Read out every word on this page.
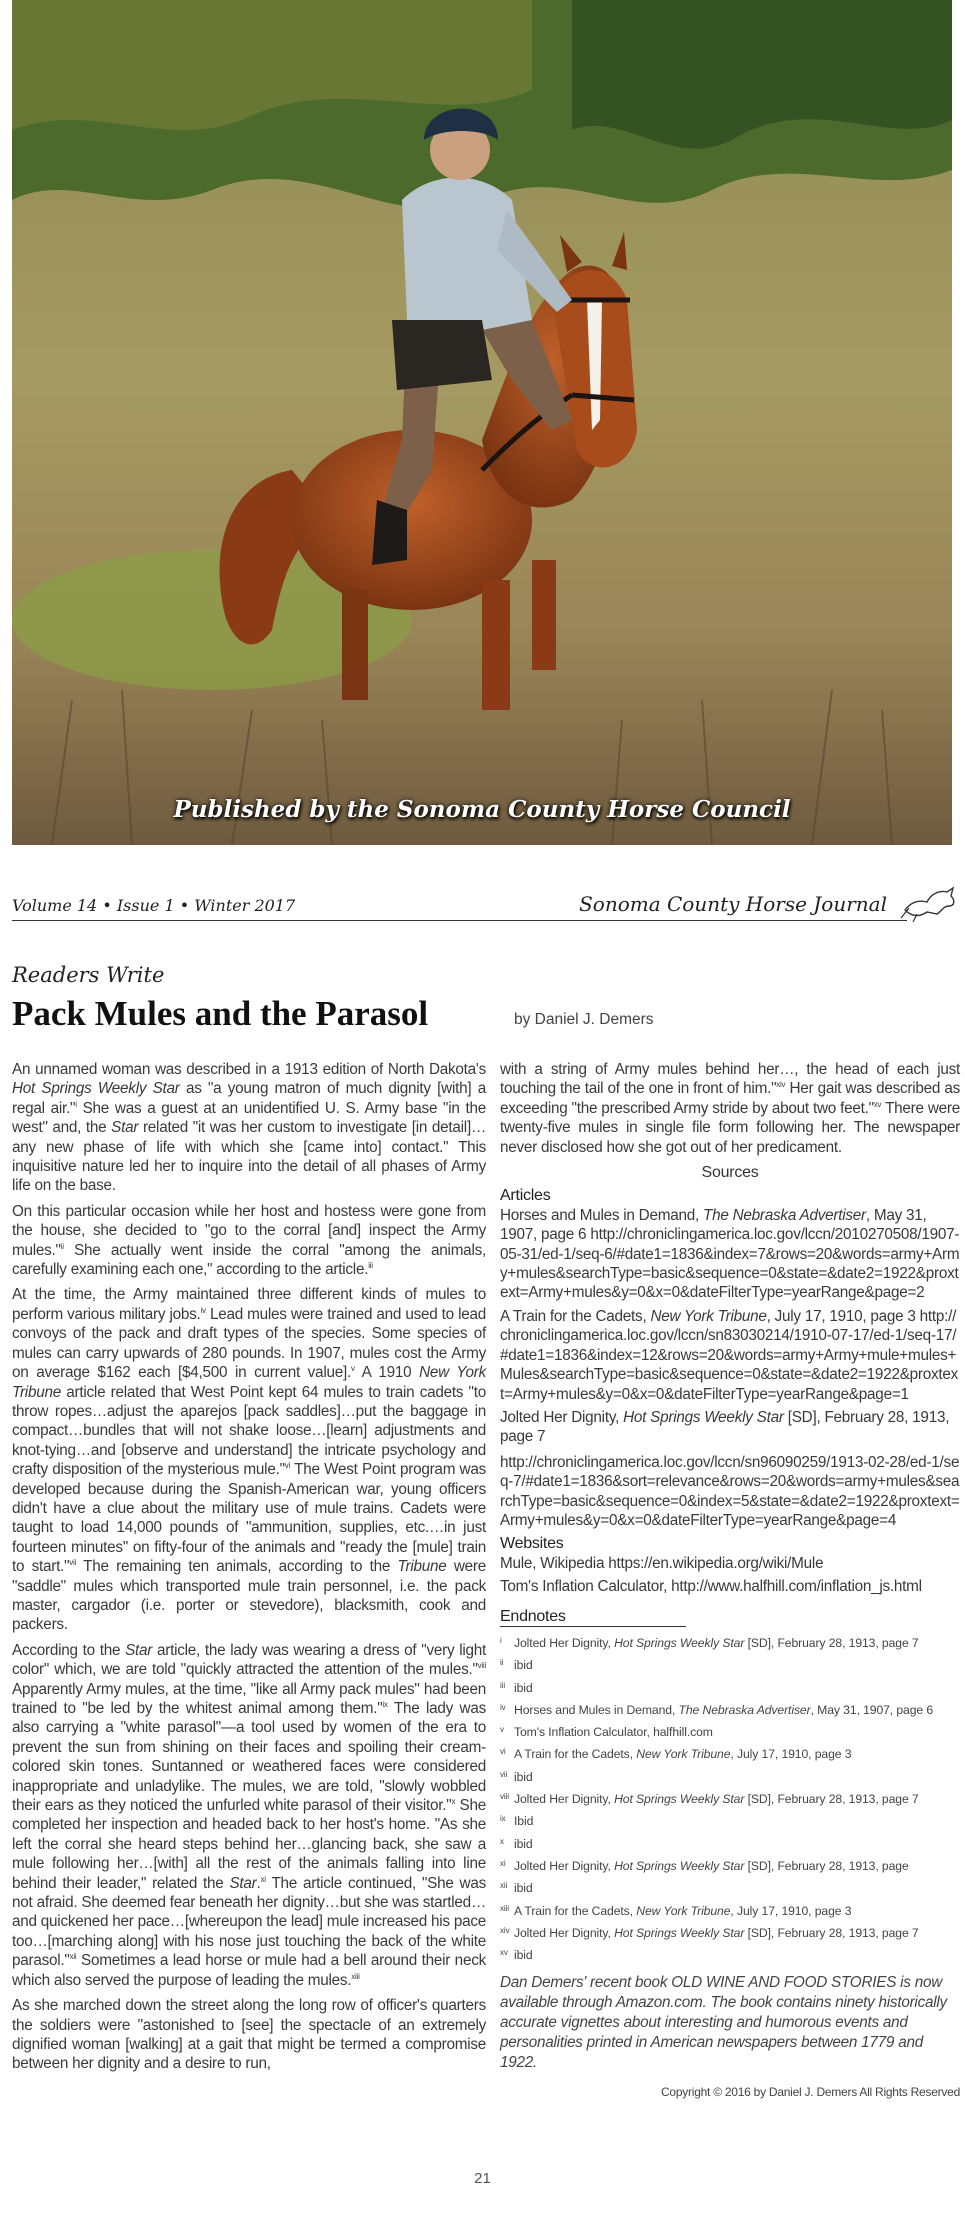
Published by the Sonoma County Horse Council
Volume 14 • Issue 1 • Winter 2017	Sonoma County Horse Journal
Readers Write
Pack Mules and the Parasol	by Daniel J. Demers

An unnamed woman was described in a 1913 edition of North Dakota's Hot Springs Weekly Star as "a young matron of much dignity [with] a regal air."$^i$ She was a guest at an unidentified U. S. Army base "in the west" and, the Star related "it was her custom to investigate [in detail]… any new phase of life with which she [came into] contact." This inquisitive nature led her to inquire into the detail of all phases of Army life on the base.

On this particular occasion while her host and hostess were gone from the house, she decided to "go to the corral [and] inspect the Army mules."$^{ii}$ She actually went inside the corral "among the animals, carefully examining each one," according to the article.$^{iii}$

At the time, the Army maintained three different kinds of mules to perform various military jobs.$^{iv}$ Lead mules were trained and used to lead convoys of the pack and draft types of the species. Some species of mules can carry upwards of 280 pounds. In 1907, mules cost the Army on average $162 each [$4,500 in current value].$^v$ A 1910 New York Tribune article related that West Point kept 64 mules to train cadets "to throw ropes…adjust the aparejos [pack saddles]…put the baggage in compact…bundles that will not shake loose…[learn] adjustments and knot-tying…and [observe and understand] the intricate psychology and crafty disposition of the mysterious mule."$^{vi}$ The West Point program was developed because during the Spanish-American war, young officers didn't have a clue about the military use of mule trains. Cadets were taught to load 14,000 pounds of "ammunition, supplies, etc.…in just fourteen minutes" on fifty-four of the animals and "ready the [mule] train to start."$^{vii}$ The remaining ten animals, according to the Tribune were "saddle" mules which transported mule train personnel, i.e. the pack master, cargador (i.e. porter or stevedore), blacksmith, cook and packers.

According to the Star article, the lady was wearing a dress of "very light color" which, we are told "quickly attracted the attention of the mules."$^{viii}$ Apparently Army mules, at the time, "like all Army pack mules" had been trained to "be led by the whitest animal among them."$^{ix}$ The lady was also carrying a "white parasol"—a tool used by women of the era to prevent the sun from shining on their faces and spoiling their cream-colored skin tones. Suntanned or weathered faces were considered inappropriate and unladylike. The mules, we are told, "slowly wobbled their ears as they noticed the unfurled white parasol of their visitor."$^x$ She completed her inspection and headed back to her host's home. "As she left the corral she heard steps behind her…glancing back, she saw a mule following her…[with] all the rest of the animals falling into line behind their leader," related the Star.$^{xi}$ The article continued, "She was not afraid. She deemed fear beneath her dignity…but she was startled…and quickened her pace…[whereupon the lead] mule increased his pace too…[marching along] with his nose just touching the back of the white parasol."$^{xii}$ Sometimes a lead horse or mule had a bell around their neck which also served the purpose of leading the mules.$^{xiii}$

As she marched down the street along the long row of officer's quarters the soldiers were "astonished to [see] the spectacle of an extremely dignified woman [walking] at a gait that might be termed a compromise between her dignity and a desire to run,

with a string of Army mules behind her…, the head of each just touching the tail of the one in front of him."$^{xiv}$ Her gait was described as exceeding "the prescribed Army stride by about two feet."$^{xv}$ There were twenty-five mules in single file form following her. The newspaper never disclosed how she got out of her predicament.

Sources
Articles
Horses and Mules in Demand, The Nebraska Advertiser, May 31, 1907, page 6 http://chroniclingamerica.loc.gov/lccn/2010270508/1907-05-31/ed-1/seq-6/#date1=1836&index=7&rows=20&words=army+Army+mules&searchType=basic&sequence=0&state=&date2=1922&proxtext=Army+mules&y=0&x=0&dateFilterType=yearRange&page=2
A Train for the Cadets, New York Tribune, July 17, 1910, page 3 http://chroniclingamerica.loc.gov/lccn/sn83030214/1910-07-17/ed-1/seq-17/#date1=1836&index=12&rows=20&words=army+Army+mule+mules+Mules&searchType=basic&sequence=0&state=&date2=1922&proxtext=Army+mules&y=0&x=0&dateFilterType=yearRange&page=1
Jolted Her Dignity, Hot Springs Weekly Star [SD], February 28, 1913, page 7
http://chroniclingamerica.loc.gov/lccn/sn96090259/1913-02-28/ed-1/seq-7/#date1=1836&sort=relevance&rows=20&words=army+mules&searchType=basic&sequence=0&index=5&state=&date2=1922&proxtext=Army+mules&y=0&x=0&dateFilterType=yearRange&page=4
Websites
Mule, Wikipedia https://en.wikipedia.org/wiki/Mule
Tom's Inflation Calculator, http://www.halfhill.com/inflation_js.html
Endnotes
i Jolted Her Dignity, Hot Springs Weekly Star [SD], February 28, 1913, page 7
ii ibid
iii ibid
iv Horses and Mules in Demand, The Nebraska Advertiser, May 31, 1907, page 6
v Tom's Inflation Calculator, halfhill.com
vi A Train for the Cadets, New York Tribune, July 17, 1910, page 3
vii ibid
viii Jolted Her Dignity, Hot Springs Weekly Star [SD], February 28, 1913, page 7
ix Ibid
x ibid
xi Jolted Her Dignity, Hot Springs Weekly Star [SD], February 28, 1913, page
xii ibid
xiii A Train for the Cadets, New York Tribune, July 17, 1910, page 3
xiv Jolted Her Dignity, Hot Springs Weekly Star [SD], February 28, 1913, page 7
xv ibid
Dan Demers' recent book OLD WINE AND FOOD STORIES is now available through Amazon.com. The book contains ninety historically accurate vignettes about interesting and humorous events and personalities printed in American newspapers between 1779 and 1922.
Copyright © 2016 by Daniel J. Demers All Rights Reserved
21
